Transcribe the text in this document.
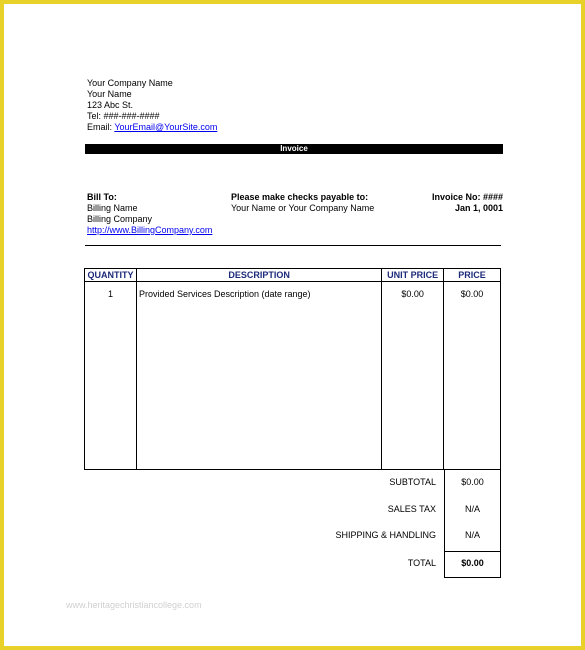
Your Company Name
Your Name
123 Abc St.
Tel: ###-###-####
Email: YourEmail@YourSite.com
Invoice
Bill To:
Billing Name
Billing Company
http://www.BillingCompany.com
Please make checks payable to:
Your Name or Your Company Name
Invoice No: ####
Jan 1, 0001
QUANTITY	DESCRIPTION	UNIT PRICE	PRICE
1	Provided Services Description (date range)	$0.00	$0.00
SUBTOTAL	$0.00
SALES TAX	N/A
SHIPPING & HANDLING	N/A
TOTAL	$0.00
www.heritagechristiancollege.com
